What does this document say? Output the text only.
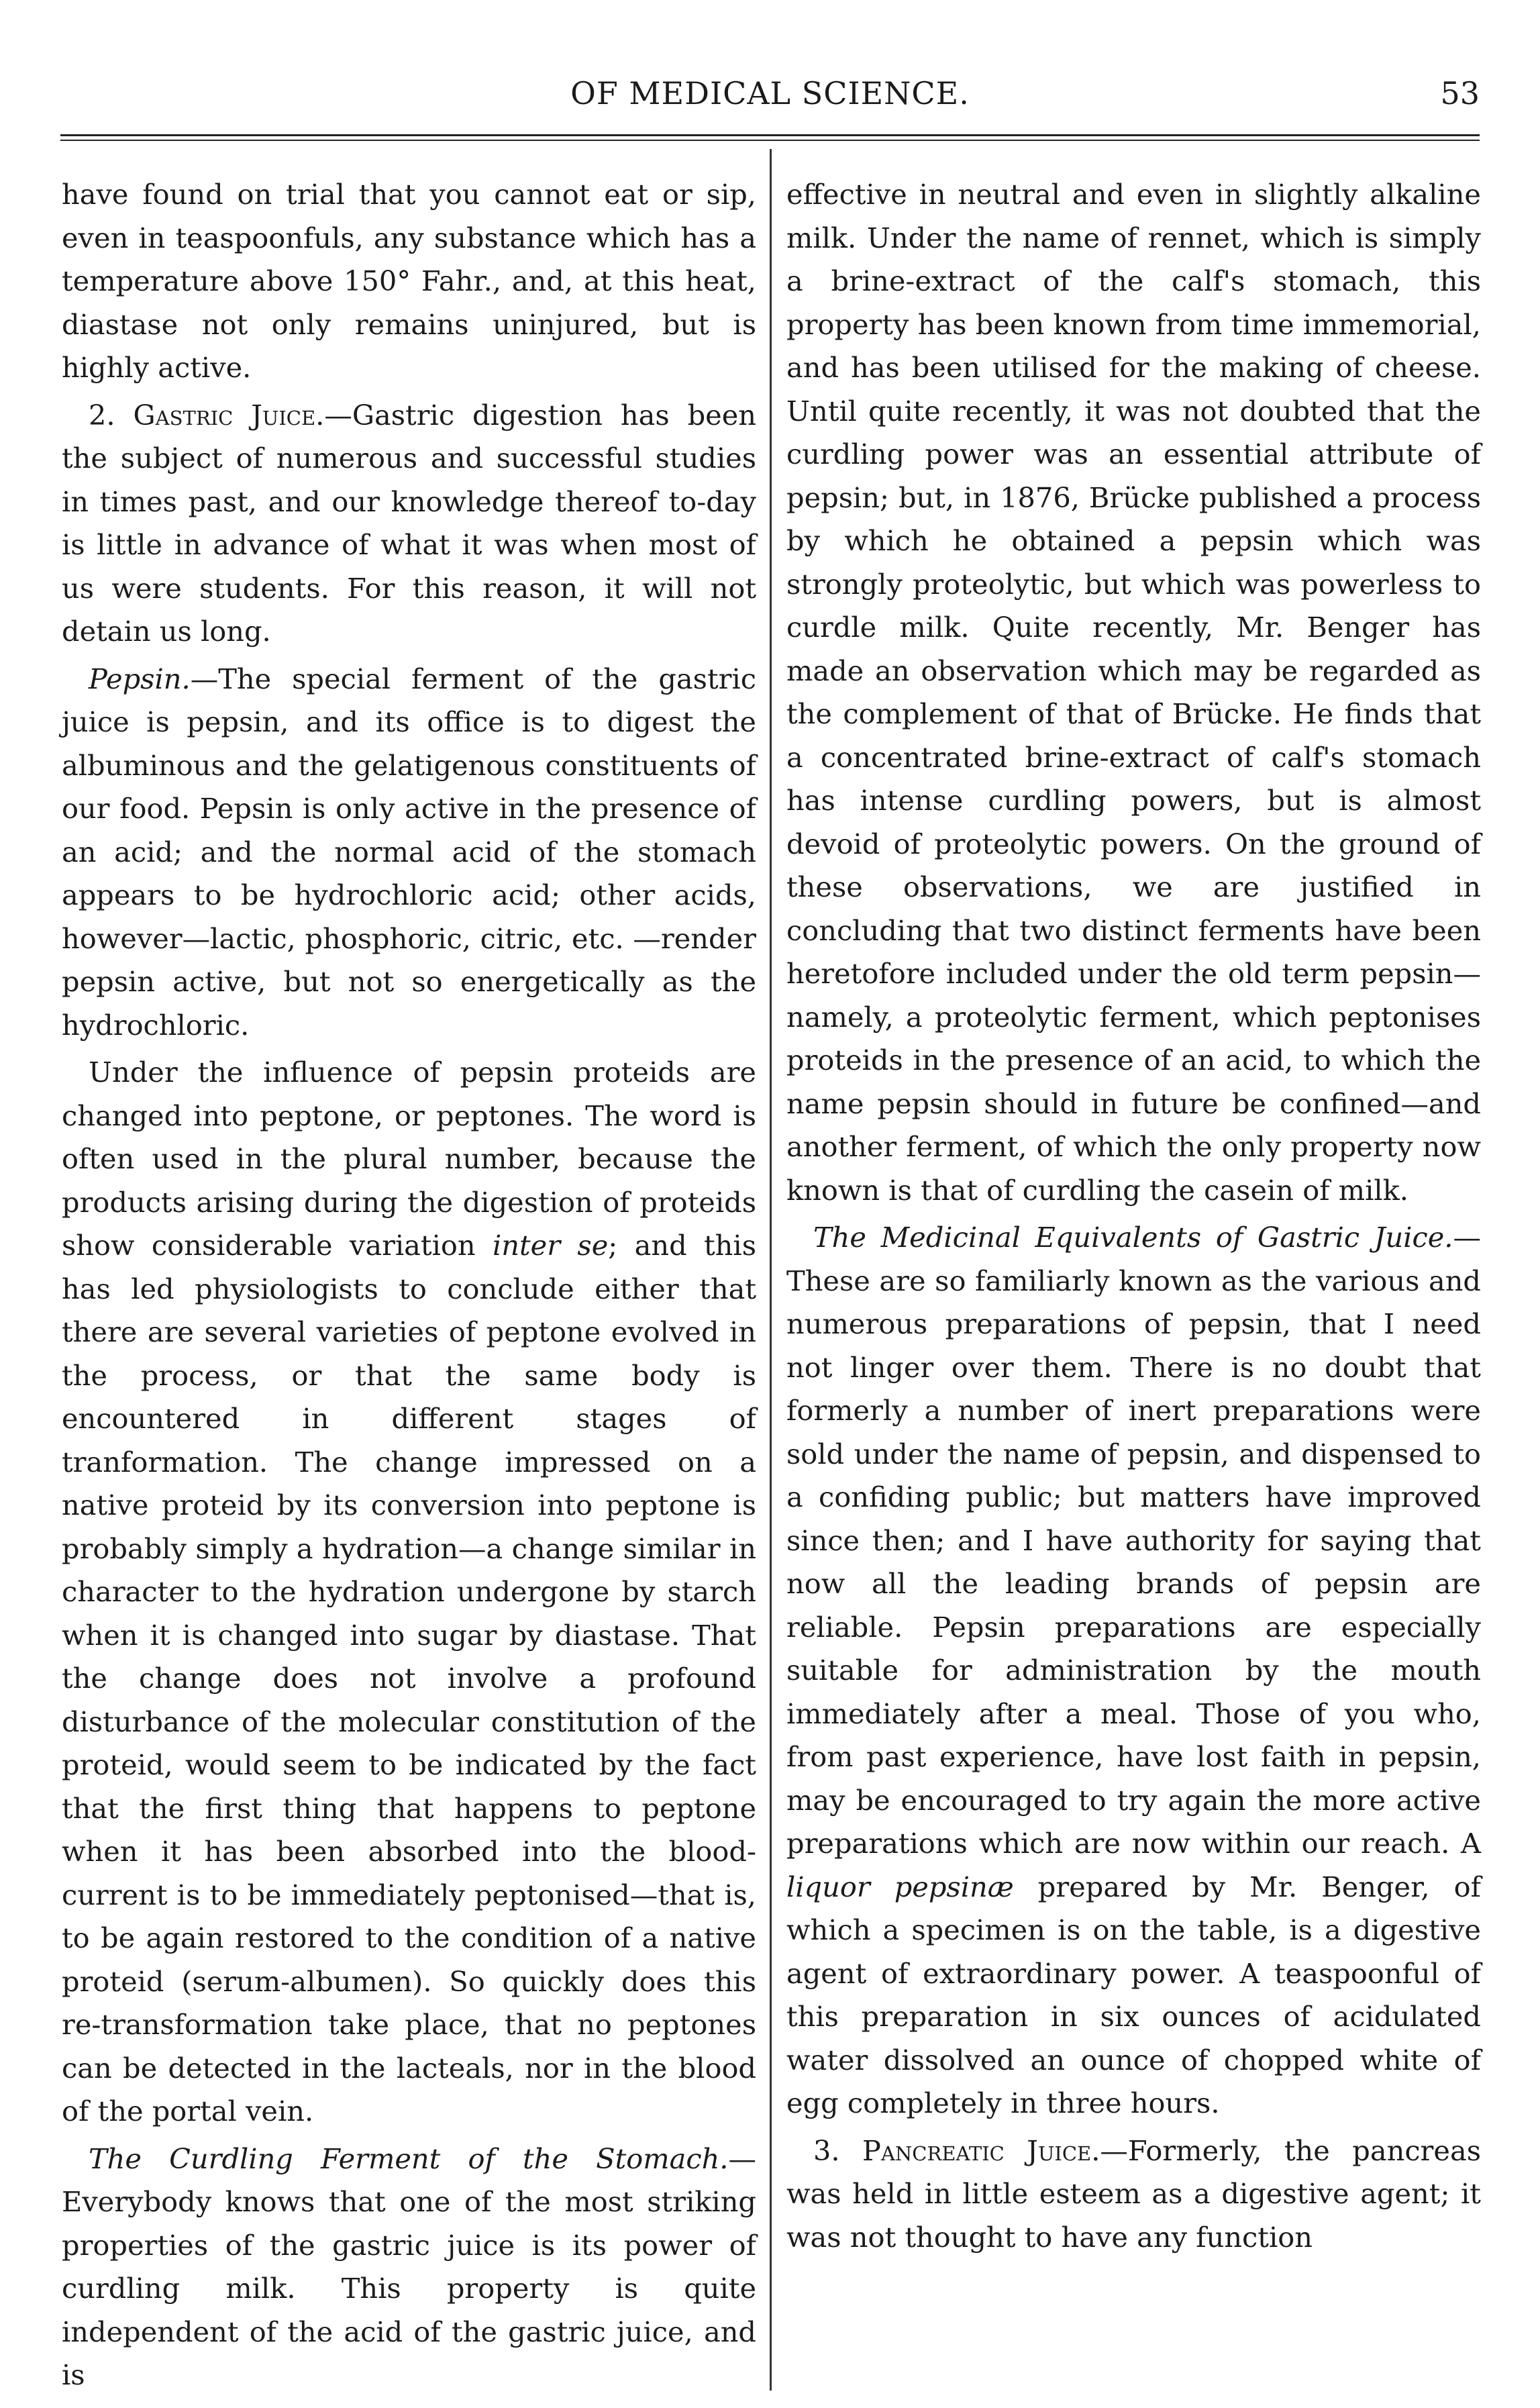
OF MEDICAL SCIENCE.	53

have found on trial that you cannot eat or sip, even in teaspoonfuls, any substance which has a temperature above 150° Fahr., and, at this heat, diastase not only remains uninjured, but is highly active.

2. Gastric Juice.—Gastric digestion has been the subject of numerous and successful studies in times past, and our knowledge thereof to-day is little in advance of what it was when most of us were students. For this reason, it will not detain us long.

Pepsin.—The special ferment of the gastric juice is pepsin, and its office is to digest the albuminous and the gelatigenous constituents of our food. Pepsin is only active in the presence of an acid; and the normal acid of the stomach appears to be hydrochloric acid; other acids, however—lactic, phosphoric, citric, etc. —render pepsin active, but not so energetically as the hydrochloric.

Under the influence of pepsin proteids are changed into peptone, or peptones. The word is often used in the plural number, because the products arising during the digestion of proteids show considerable variation inter se; and this has led physiologists to conclude either that there are several varieties of peptone evolved in the process, or that the same body is encountered in different stages of tranformation. The change impressed on a native proteid by its conversion into peptone is probably simply a hydration—a change similar in character to the hydration undergone by starch when it is changed into sugar by diastase. That the change does not involve a profound disturbance of the molecular constitution of the proteid, would seem to be indicated by the fact that the first thing that happens to peptone when it has been absorbed into the blood-current is to be immediately peptonised—that is, to be again restored to the condition of a native proteid (serum-albumen). So quickly does this re-transformation take place, that no peptones can be detected in the lacteals, nor in the blood of the portal vein.

The Curdling Ferment of the Stomach.— Everybody knows that one of the most striking properties of the gastric juice is its power of curdling milk. This property is quite independent of the acid of the gastric juice, and is

effective in neutral and even in slightly alkaline milk. Under the name of rennet, which is simply a brine-extract of the calf's stomach, this property has been known from time immemorial, and has been utilised for the making of cheese. Until quite recently, it was not doubted that the curdling power was an essential attribute of pepsin; but, in 1876, Brücke published a process by which he obtained a pepsin which was strongly proteolytic, but which was powerless to curdle milk. Quite recently, Mr. Benger has made an observation which may be regarded as the complement of that of Brücke. He finds that a concentrated brine-extract of calf's stomach has intense curdling powers, but is almost devoid of proteolytic powers. On the ground of these observations, we are justified in concluding that two distinct ferments have been heretofore included under the old term pepsin—namely, a proteolytic ferment, which peptonises proteids in the presence of an acid, to which the name pepsin should in future be confined—and another ferment, of which the only property now known is that of curdling the casein of milk.

The Medicinal Equivalents of Gastric Juice.—These are so familiarly known as the various and numerous preparations of pepsin, that I need not linger over them. There is no doubt that formerly a number of inert preparations were sold under the name of pepsin, and dispensed to a confiding public; but matters have improved since then; and I have authority for saying that now all the leading brands of pepsin are reliable. Pepsin preparations are especially suitable for administration by the mouth immediately after a meal. Those of you who, from past experience, have lost faith in pepsin, may be encouraged to try again the more active preparations which are now within our reach. A liquor pepsinæ prepared by Mr. Benger, of which a specimen is on the table, is a digestive agent of extraordinary power. A teaspoonful of this preparation in six ounces of acidulated water dissolved an ounce of chopped white of egg completely in three hours.

3. Pancreatic Juice.—Formerly, the pancreas was held in little esteem as a digestive agent; it was not thought to have any function
